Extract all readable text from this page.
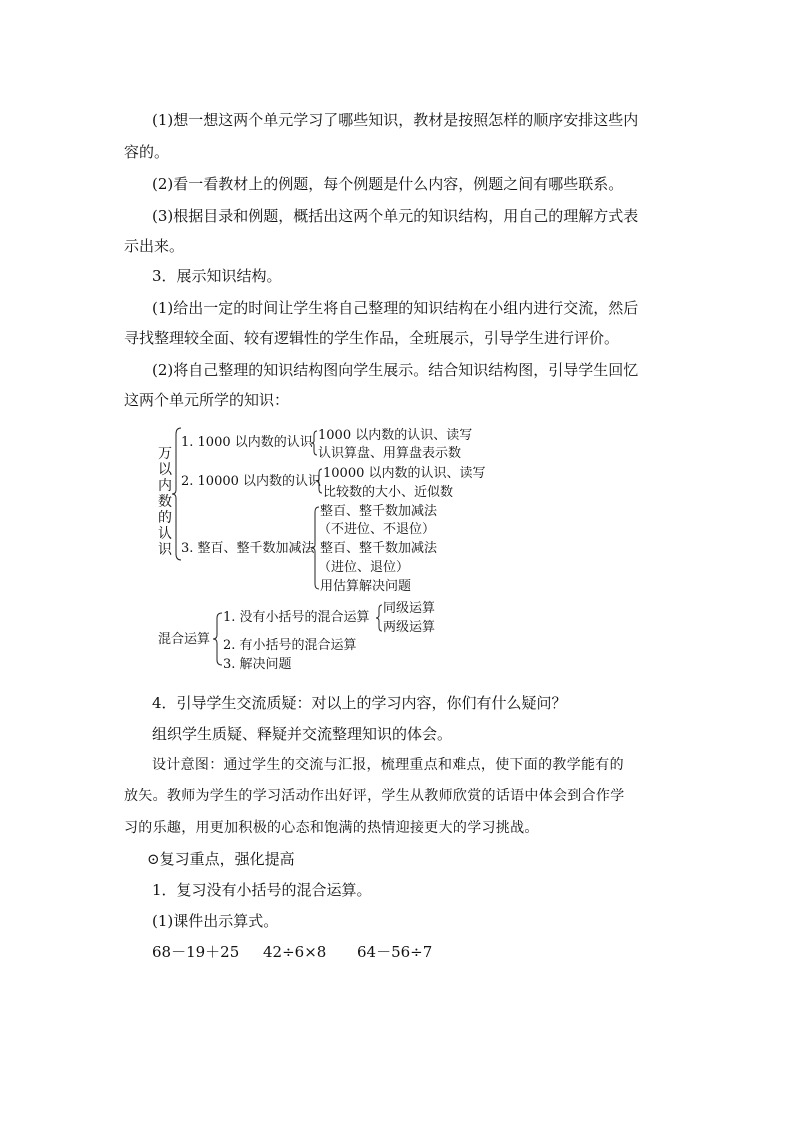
(1)想一想这两个单元学习了哪些知识，教材是按照怎样的顺序安排这些内
容的。
(2)看一看教材上的例题，每个例题是什么内容，例题之间有哪些联系。
(3)根据目录和例题，概括出这两个单元的知识结构，用自己的理解方式表
示出来。
3．展示知识结构。
(1)给出一定的时间让学生将自己整理的知识结构在小组内进行交流，然后
寻找整理较全面、较有逻辑性的学生作品，全班展示，引导学生进行评价。
(2)将自己整理的知识结构图向学生展示。结合知识结构图，引导学生回忆
这两个单元所学的知识：
万
以
内
数
的
认
识
1. 1000 以内数的认识 1000 以内数的认识、读写
认识算盘、用算盘表示数
2. 10000 以内数的认识
10000 以内数的认识、读写
比较数的大小、近似数
3. 整百、整千数加减法
整百、整千数加减法
（不进位、不退位）
整百、整千数加减法
（进位、退位）
用估算解决问题
混合运算
1. 没有小括号的混合运算
同级运算
两级运算
2. 有小括号的混合运算
3. 解决问题
4．引导学生交流质疑：对以上的学习内容，你们有什么疑问？
组织学生质疑、释疑并交流整理知识的体会。
设计意图：通过学生的交流与汇报，梳理重点和难点，使下面的教学能有的
放矢。教师为学生的学习活动作出好评，学生从教师欣赏的话语中体会到合作学
习的乐趣，用更加积极的心态和饱满的热情迎接更大的学习挑战。
⊙复习重点，强化提高
1．复习没有小括号的混合运算。
(1)课件出示算式。
68－19＋25 42÷6×8 64－56÷7
